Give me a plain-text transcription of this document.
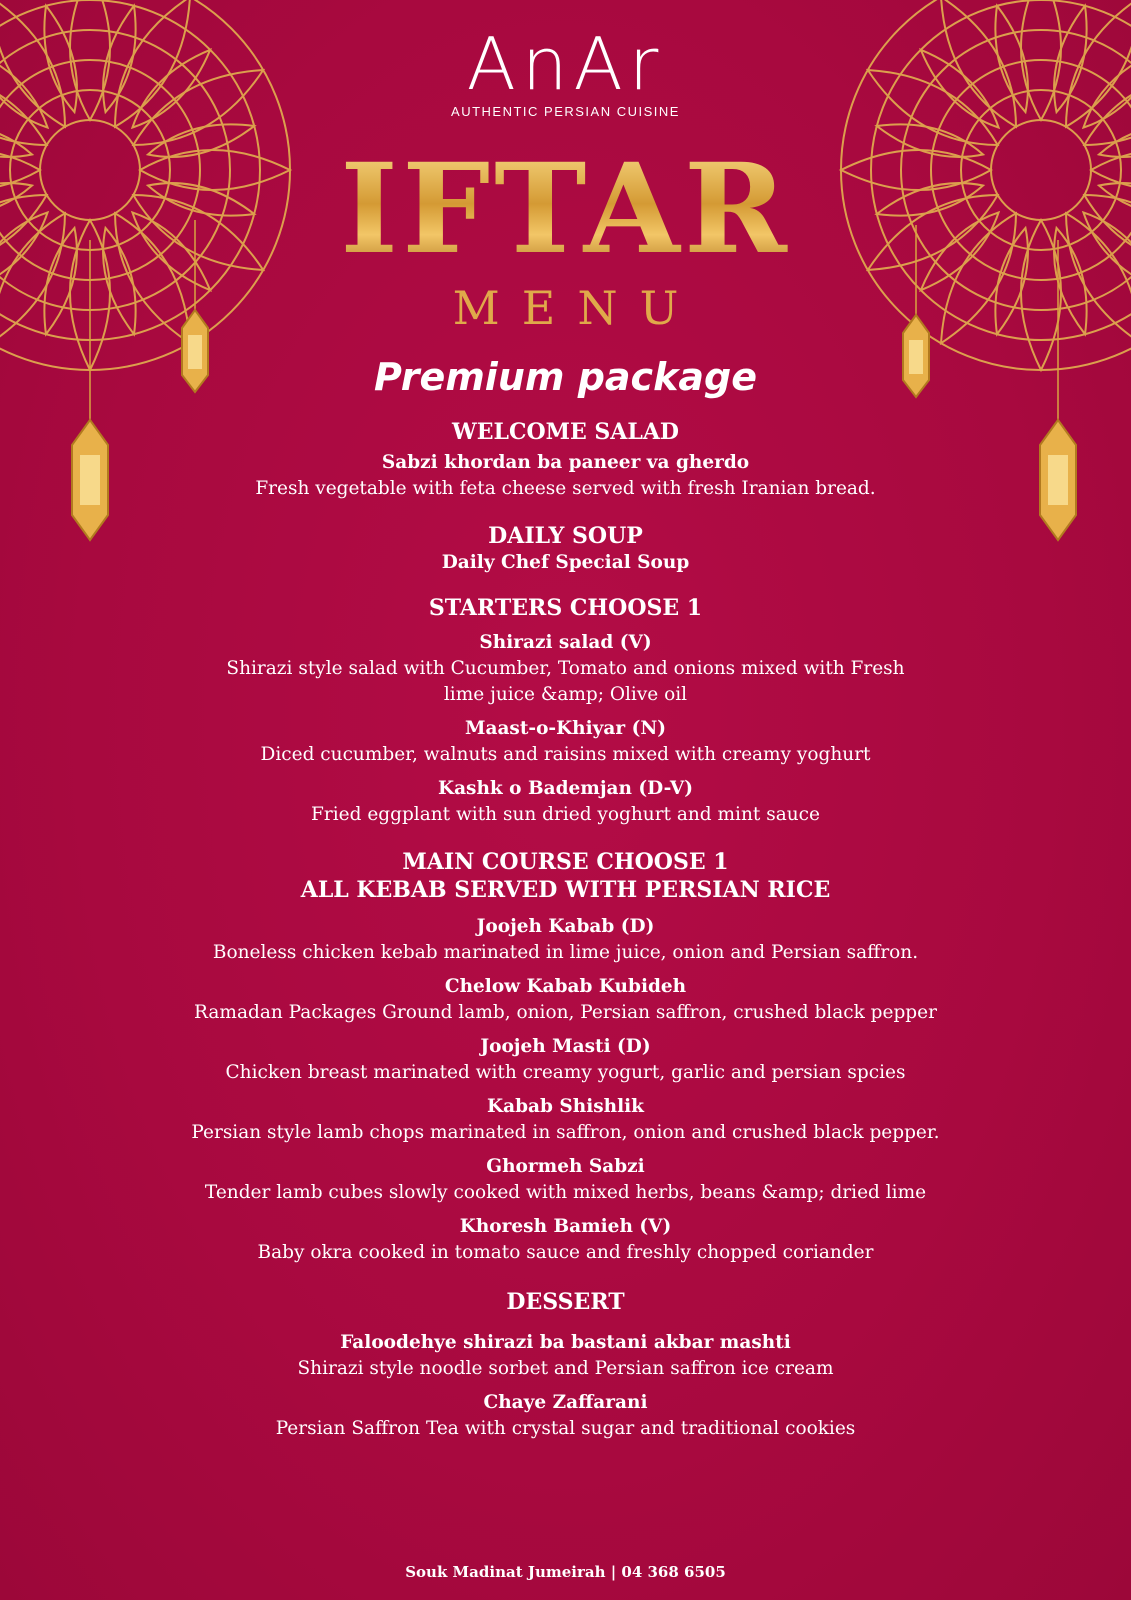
AnAr
AUTHENTIC PERSIAN CUISINE
IFTAR
MENU
Premium package
WELCOME SALAD
Sabzi khordan ba paneer va gherdo
Fresh vegetable with feta cheese served with fresh Iranian bread.
DAILY SOUP
Daily Chef Special Soup
STARTERS CHOOSE 1
Shirazi salad (V)
Shirazi style salad with Cucumber, Tomato and onions mixed with Fresh
lime juice &amp; Olive oil
Maast-o-Khiyar (N)
Diced cucumber, walnuts and raisins mixed with creamy yoghurt
Kashk o Bademjan (D-V)
Fried eggplant with sun dried yoghurt and mint sauce
MAIN COURSE CHOOSE 1
ALL KEBAB SERVED WITH PERSIAN RICE
Joojeh Kabab (D)
Boneless chicken kebab marinated in lime juice, onion and Persian saffron.
Chelow Kabab Kubideh
Ramadan Packages Ground lamb, onion, Persian saffron, crushed black pepper
Joojeh Masti (D)
Chicken breast marinated with creamy yogurt, garlic and persian spcies
Kabab Shishlik
Persian style lamb chops marinated in saffron, onion and crushed black pepper.
Ghormeh Sabzi
Tender lamb cubes slowly cooked with mixed herbs, beans &amp; dried lime
Khoresh Bamieh (V)
Baby okra cooked in tomato sauce and freshly chopped coriander
DESSERT
Faloodehye shirazi ba bastani akbar mashti
Shirazi style noodle sorbet and Persian saffron ice cream
Chaye Zaffarani
Persian Saffron Tea with crystal sugar and traditional cookies
Souk Madinat Jumeirah | 04 368 6505
